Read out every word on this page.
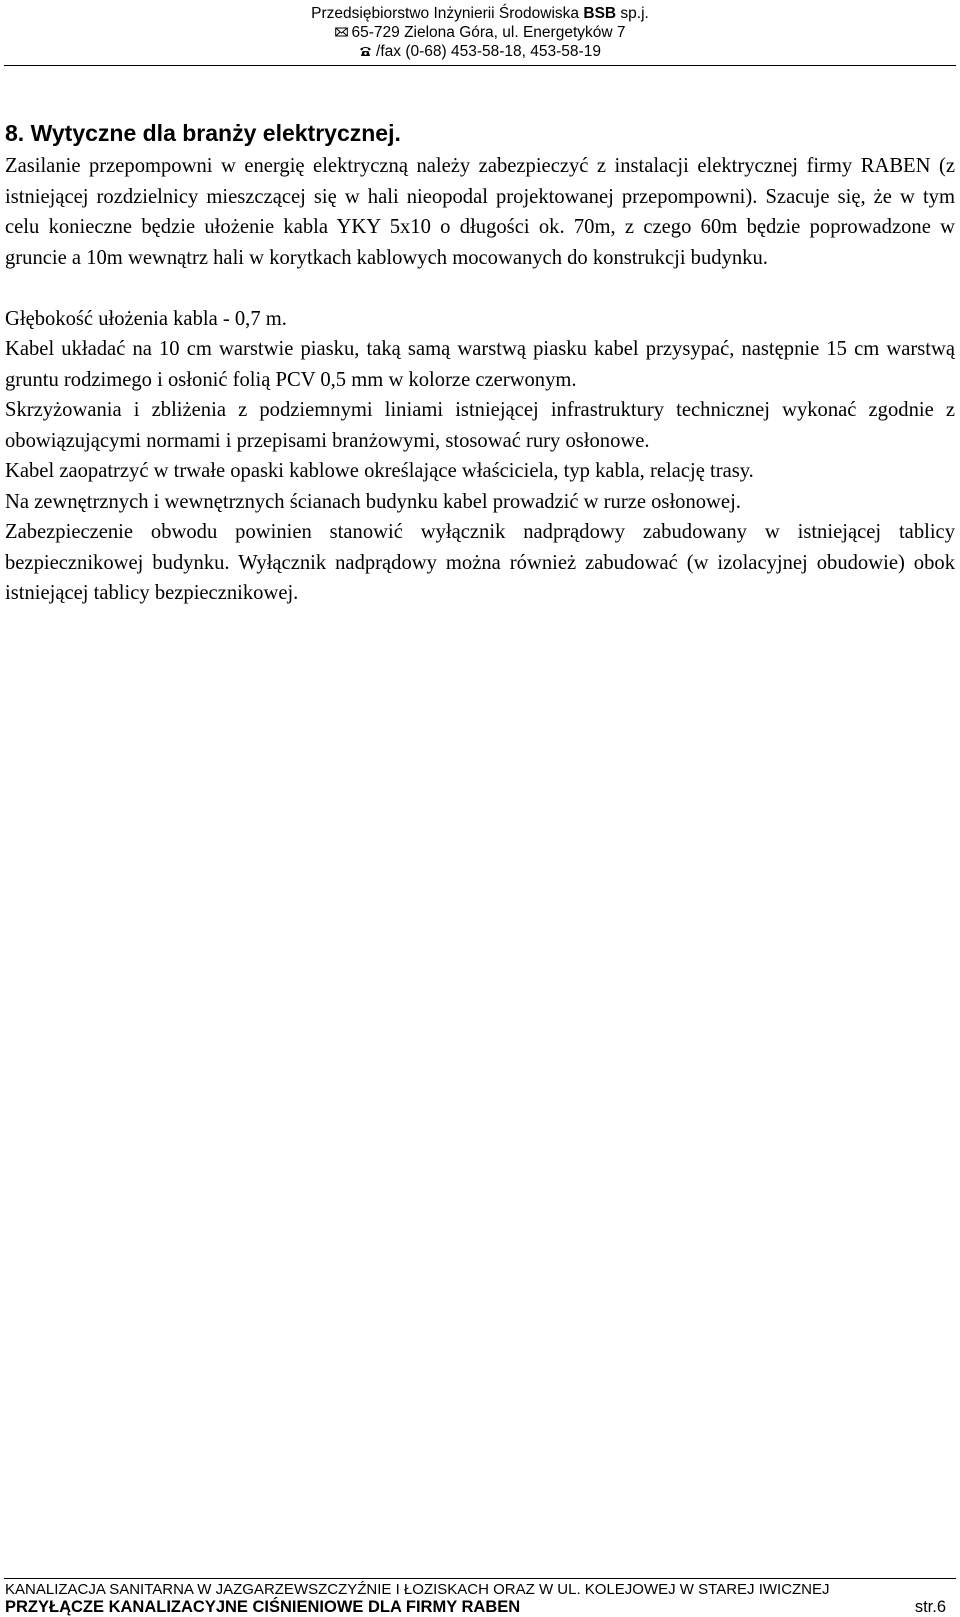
Przedsiębiorstwo Inżynierii Środowiska BSB sp.j.
65-729 Zielona Góra, ul. Energetyków 7
/fax (0-68) 453-58-18, 453-58-19
8. Wytyczne dla branży elektrycznej.

Zasilanie przepompowni w energię elektryczną należy zabezpieczyć z instalacji elektrycznej firmy RABEN (z istniejącej rozdzielnicy mieszczącej się w hali nieopodal projektowanej przepompowni). Szacuje się, że w tym celu konieczne będzie ułożenie kabla YKY 5x10 o długości ok. 70m, z czego 60m będzie poprowadzone w gruncie a 10m wewnątrz hali w korytkach kablowych mocowanych do konstrukcji budynku.

Głębokość ułożenia kabla - 0,7 m.

Kabel układać na 10 cm warstwie piasku, taką samą warstwą piasku kabel przysypać, następnie 15 cm warstwą gruntu rodzimego i osłonić folią PCV 0,5 mm w kolorze czerwonym.

Skrzyżowania i zbliżenia z podziemnymi liniami istniejącej infrastruktury technicznej wykonać zgodnie z obowiązującymi normami i przepisami branżowymi, stosować rury osłonowe.

Kabel zaopatrzyć w trwałe opaski kablowe określające właściciela, typ kabla, relację trasy.

Na zewnętrznych i wewnętrznych ścianach budynku kabel prowadzić w rurze osłonowej.

Zabezpieczenie obwodu powinien stanowić wyłącznik nadprądowy zabudowany w istniejącej tablicy bezpiecznikowej budynku. Wyłącznik nadprądowy można również zabudować (w izolacyjnej obudowie) obok istniejącej tablicy bezpiecznikowej.

KANALIZACJA SANITARNA W JAZGARZEWSZCZYŹNIE I ŁOZISKACH ORAZ W UL. KOLEJOWEJ W STAREJ IWICZNEJ
PRZYŁĄCZE KANALIZACYJNE CIŚNIENIOWE DLA FIRMY RABEN	str.6
